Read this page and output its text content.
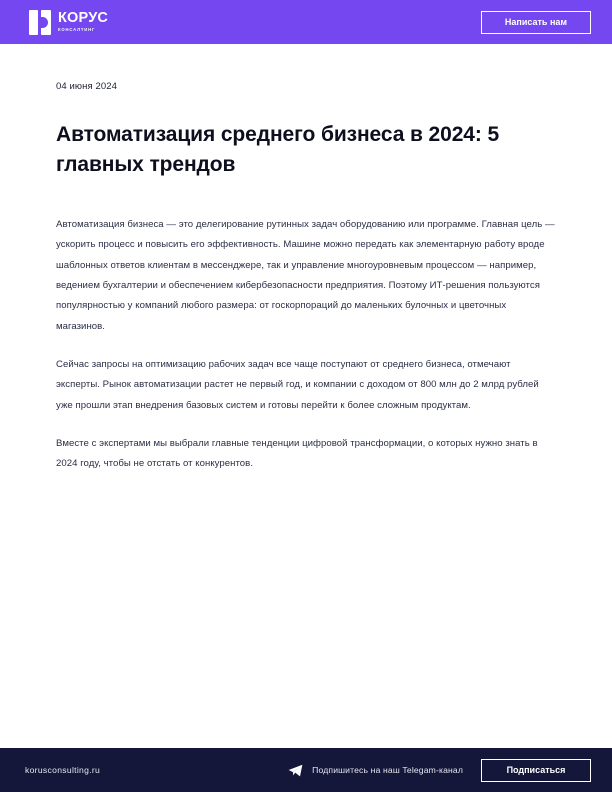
КОРУС
КОНСАЛТИНГ
Написать нам
04 июня 2024
Автоматизация среднего бизнеса в 2024: 5 главных трендов

Автоматизация бизнеса — это делегирование рутинных задач оборудованию или программе. Главная цель — ускорить процесс и повысить его эффективность. Машине можно передать как элементарную работу вроде шаблонных ответов клиентам в мессенджере, так и управление многоуровневым процессом — например, ведением бухгалтерии и обеспечением кибербезопасности предприятия. Поэтому ИТ-решения пользуются популярностью у компаний любого размера: от госкорпораций до маленьких булочных и цветочных магазинов.

Сейчас запросы на оптимизацию рабочих задач все чаще поступают от среднего бизнеса, отмечают эксперты. Рынок автоматизации растет не первый год, и компании с доходом от 800 млн до 2 млрд рублей уже прошли этап внедрения базовых систем и готовы перейти к более сложным продуктам.

Вместе с экспертами мы выбрали главные тенденции цифровой трансформации, о которых нужно знать в 2024 году, чтобы не отстать от конкурентов.

korusconsulting.ru	Подпишитесь на наш Telegam-канал	Подписаться
